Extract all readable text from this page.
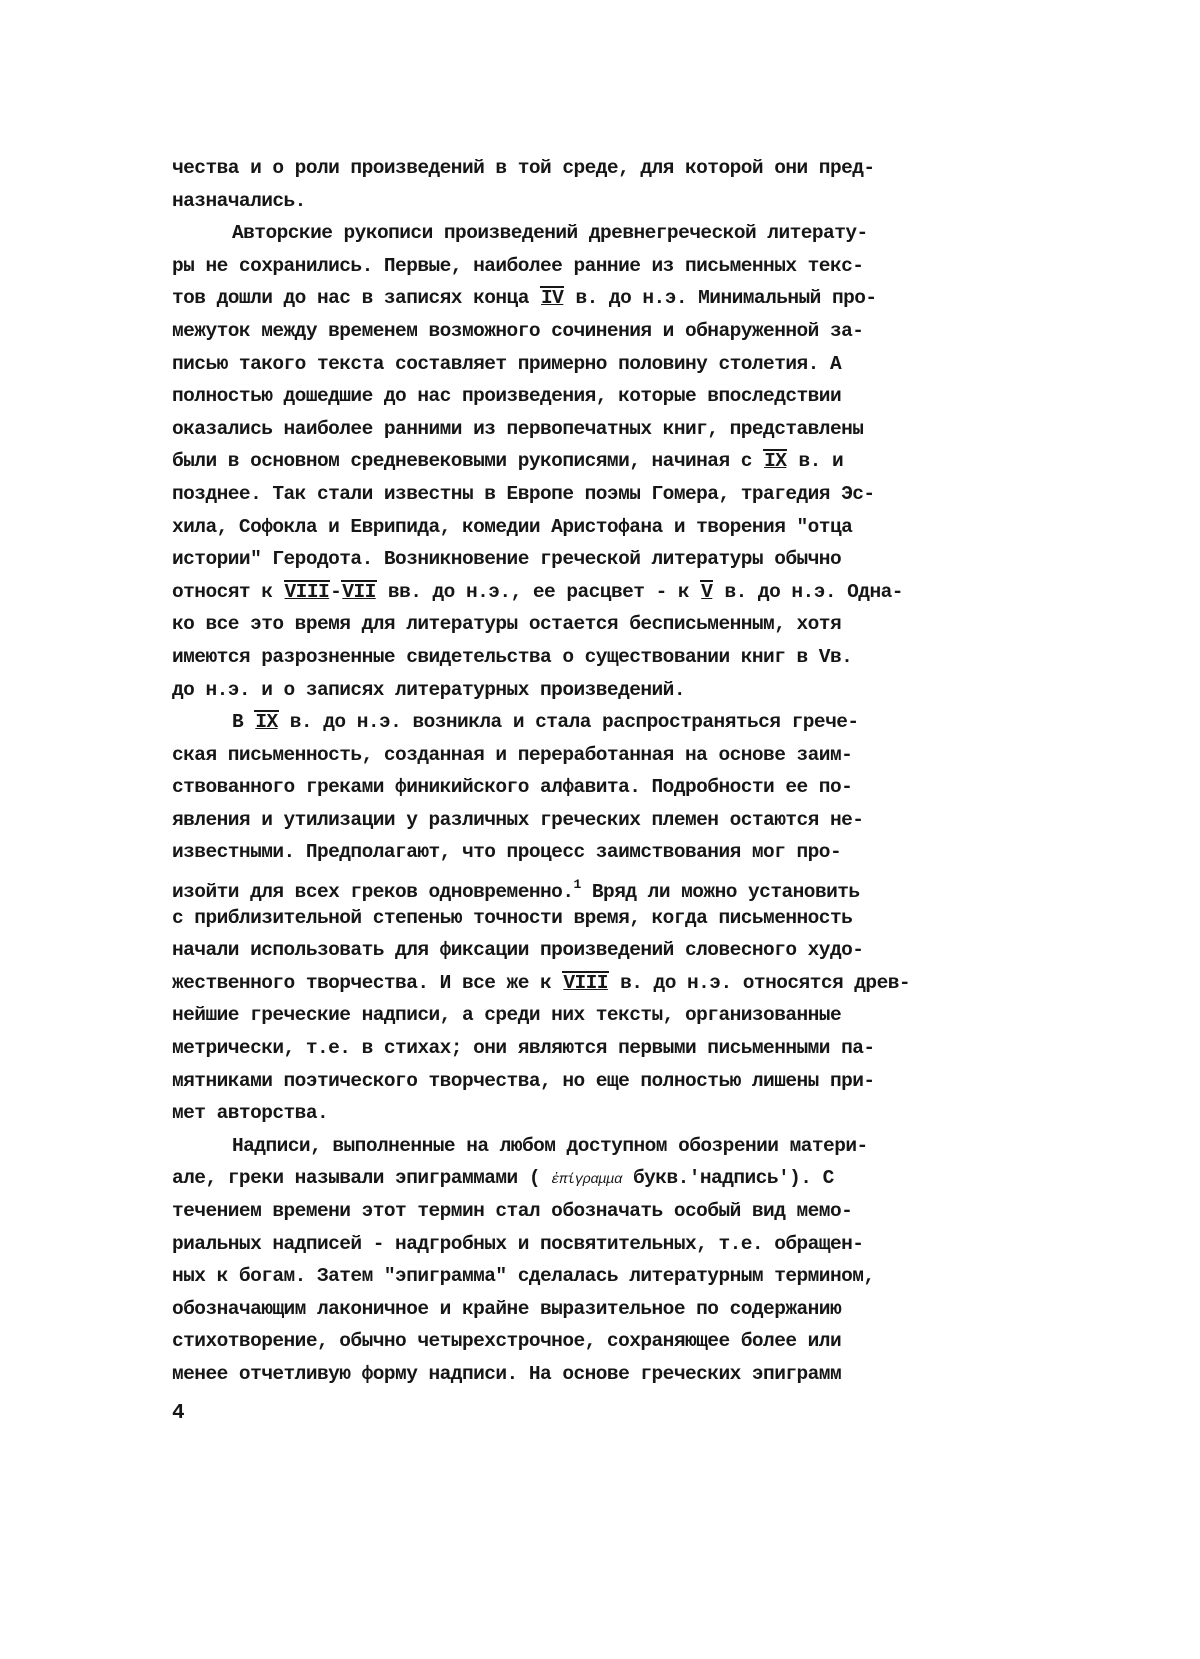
чества и о роли произведений в той среде, для которой они пред-
назначались.
Авторские рукописи произведений древнегреческой литерату-
ры не сохранились. Первые, наиболее ранние из письменных текс-
тов дошли до нас в записях конца IV в. до н.э. Минимальный про-
межуток между временем возможного сочинения и обнаруженной за-
писью такого текста составляет примерно половину столетия. А
полностью дошедшие до нас произведения, которые впоследствии
оказались наиболее ранними из первопечатных книг, представлены
были в основном средневековыми рукописями, начиная с IX в. и
позднее. Так стали известны в Европе поэмы Гомера, трагедия Эс-
хила, Софокла и Еврипида, комедии Аристофана и творения "отца
истории" Геродота. Возникновение греческой литературы обычно
относят к VIII-VII вв. до н.э., ее расцвет - к V в. до н.э. Одна-
ко все это время для литературы остается бесписьменным, хотя
имеются разрозненные свидетельства о существовании книг в Vв.
до н.э. и о записях литературных произведений.
В IX в. до н.э. возникла и стала распространяться грече-
ская письменность, созданная и переработанная на основе заим-
ствованного греками финикийского алфавита. Подробности ее по-
явления и утилизации у различных греческих племен остаются не-
известными. Предполагают, что процесс заимствования мог про-
изойти для всех греков одновременно.$^1$ Вряд ли можно установить
с приблизительной степенью точности время, когда письменность
начали использовать для фиксации произведений словесного худо-
жественного творчества. И все же к VIII в. до н.э. относятся древ-
нейшие греческие надписи, а среди них тексты, организованные
метрически, т.е. в стихах; они являются первыми письменными па-
мятниками поэтического творчества, но еще полностью лишены при-
мет авторства.
Надписи, выполненные на любом доступном обозрении матери-
але, греки называли эпиграммами ( ἐπίγραμμα букв.'надпись'). С
течением времени этот термин стал обозначать особый вид мемо-
риальных надписей - надгробных и посвятительных, т.е. обращен-
ных к богам. Затем "эпиграмма" сделалась литературным термином,
обозначающим лаконичное и крайне выразительное по содержанию
стихотворение, обычно четырехстрочное, сохраняющее более или
менее отчетливую форму надписи. На основе греческих эпиграмм
4
